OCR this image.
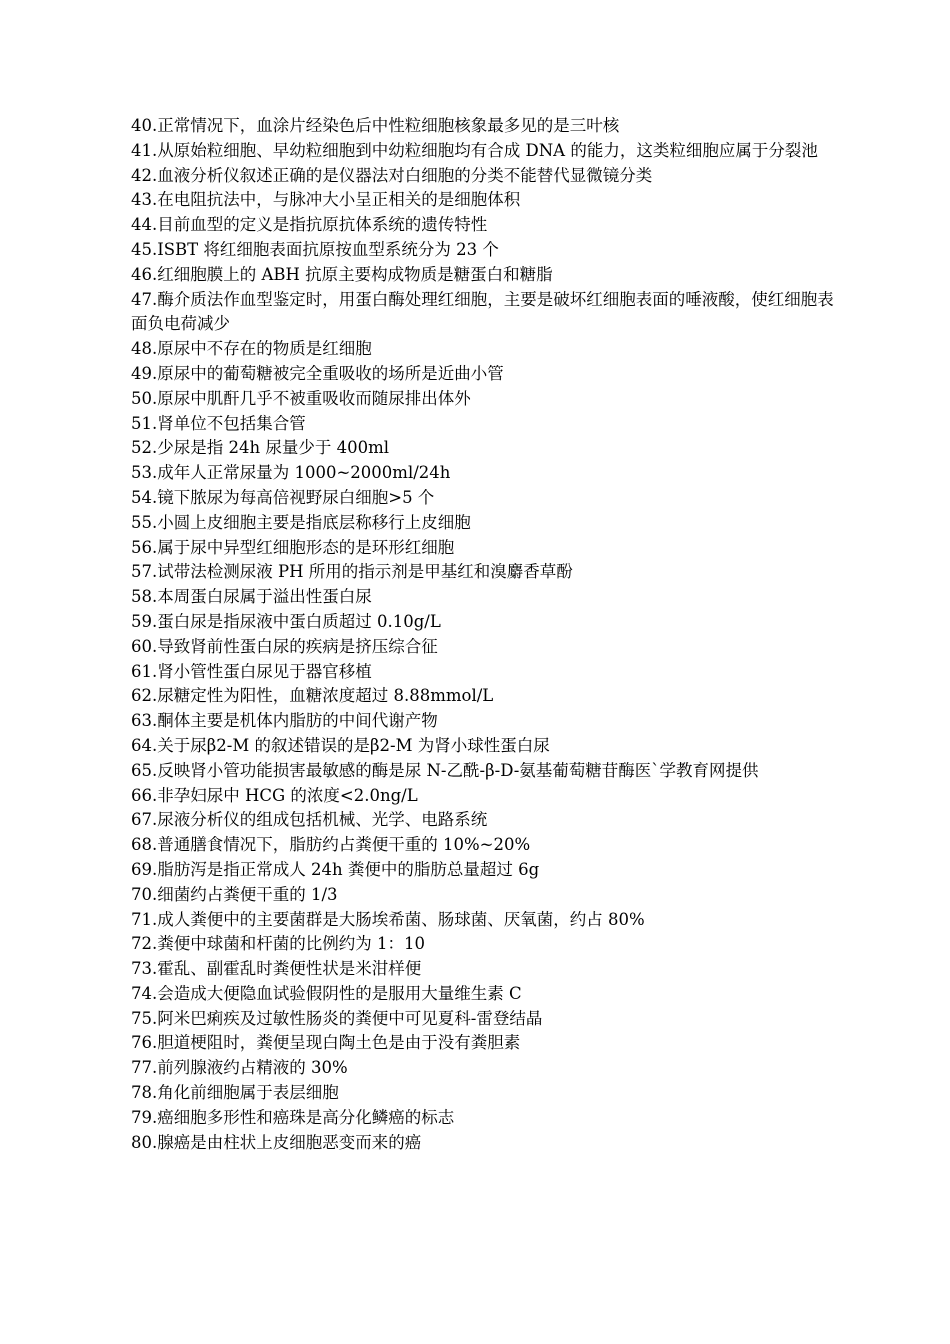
40.正常情况下，血涂片经染色后中性粒细胞核象最多见的是三叶核

41.从原始粒细胞、早幼粒细胞到中幼粒细胞均有合成 DNA 的能力，这类粒细胞应属于分裂池

42.血液分析仪叙述正确的是仪器法对白细胞的分类不能替代显微镜分类

43.在电阻抗法中，与脉冲大小呈正相关的是细胞体积

44.目前血型的定义是指抗原抗体系统的遗传特性

45.ISBT 将红细胞表面抗原按血型系统分为 23 个

46.红细胞膜上的 ABH 抗原主要构成物质是糖蛋白和糖脂

47.酶介质法作血型鉴定时，用蛋白酶处理红细胞，主要是破坏红细胞表面的唾液酸，使红细胞表面负电荷减少

48.原尿中不存在的物质是红细胞

49.原尿中的葡萄糖被完全重吸收的场所是近曲小管

50.原尿中肌酐几乎不被重吸收而随尿排出体外

51.肾单位不包括集合管

52.少尿是指 24h 尿量少于 400ml

53.成年人正常尿量为 1000~2000ml/24h

54.镜下脓尿为每高倍视野尿白细胞>5 个

55.小圆上皮细胞主要是指底层称移行上皮细胞

56.属于尿中异型红细胞形态的是环形红细胞

57.试带法检测尿液 PH 所用的指示剂是甲基红和溴麝香草酚

58.本周蛋白尿属于溢出性蛋白尿

59.蛋白尿是指尿液中蛋白质超过 0.10g/L

60.导致肾前性蛋白尿的疾病是挤压综合征

61.肾小管性蛋白尿见于器官移植

62.尿糖定性为阳性，血糖浓度超过 8.88mmol/L

63.酮体主要是机体内脂肪的中间代谢产物

64.关于尿β2-M 的叙述错误的是β2-M 为肾小球性蛋白尿

65.反映肾小管功能损害最敏感的酶是尿 N-乙酰-β-D-氨基葡萄糖苷酶医`学教育网提供

66.非孕妇尿中 HCG 的浓度<2.0ng/L

67.尿液分析仪的组成包括机械、光学、电路系统

68.普通膳食情况下，脂肪约占粪便干重的 10%~20%

69.脂肪泻是指正常成人 24h 粪便中的脂肪总量超过 6g

70.细菌约占粪便干重的 1/3

71.成人粪便中的主要菌群是大肠埃希菌、肠球菌、厌氧菌，约占 80%

72.粪便中球菌和杆菌的比例约为 1：10

73.霍乱、副霍乱时粪便性状是米泔样便

74.会造成大便隐血试验假阴性的是服用大量维生素 C

75.阿米巴痢疾及过敏性肠炎的粪便中可见夏科-雷登结晶

76.胆道梗阻时，粪便呈现白陶土色是由于没有粪胆素

77.前列腺液约占精液的 30%

78.角化前细胞属于表层细胞

79.癌细胞多形性和癌珠是高分化鳞癌的标志

80.腺癌是由柱状上皮细胞恶变而来的癌
